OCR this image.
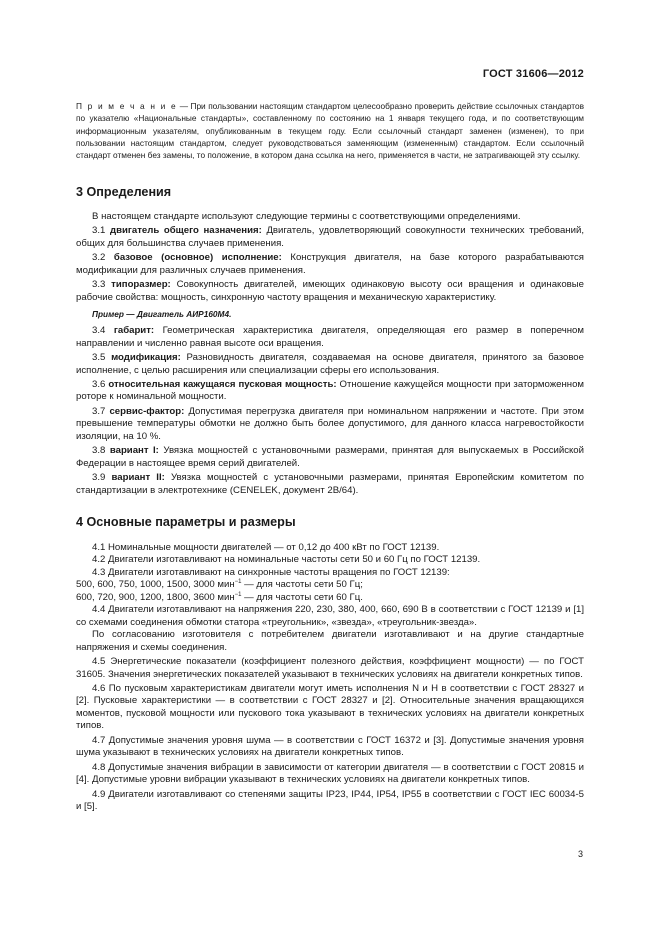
ГОСТ 31606—2012

П р и м е ч а н и е — При пользовании настоящим стандартом целесообразно проверить действие ссылочных стандартов по указателю «Национальные стандарты», составленному по состоянию на 1 января текущего года, и по соответствующим информационным указателям, опубликованным в текущем году. Если ссылочный стандарт заменен (изменен), то при пользовании настоящим стандартом, следует руководствоваться заменяющим (измененным) стандартом. Если ссылочный стандарт отменен без замены, то положение, в котором дана ссылка на него, применяется в части, не затрагивающей эту ссылку.

3 Определения

В настоящем стандарте используют следующие термины с соответствующими определениями.

3.1 двигатель общего назначения: Двигатель, удовлетворяющий совокупности технических требований, общих для большинства случаев применения.

3.2 базовое (основное) исполнение: Конструкция двигателя, на базе которого разрабатываются модификации для различных случаев применения.

3.3 типоразмер: Совокупность двигателей, имеющих одинаковую высоту оси вращения и одинаковые рабочие свойства: мощность, синхронную частоту вращения и механическую характеристику.

Пример — Двигатель АИР160М4.

3.4 габарит: Геометрическая характеристика двигателя, определяющая его размер в поперечном направлении и численно равная высоте оси вращения.

3.5 модификация: Разновидность двигателя, создаваемая на основе двигателя, принятого за базовое исполнение, с целью расширения или специализации сферы его использования.

3.6 относительная кажущаяся пусковая мощность: Отношение кажущейся мощности при заторможенном роторе к номинальной мощности.

3.7 сервис-фактор: Допустимая перегрузка двигателя при номинальном напряжении и частоте. При этом превышение температуры обмотки не должно быть более допустимого, для данного класса нагревостойкости изоляции, на 10 %.

3.8 вариант I: Увязка мощностей с установочными размерами, принятая для выпускаемых в Российской Федерации в настоящее время серий двигателей.

3.9 вариант II: Увязка мощностей с установочными размерами, принятая Европейским комитетом по стандартизации в электротехнике (CENELEK, документ 2B/64).

4 Основные параметры и размеры

4.1 Номинальные мощности двигателей — от 0,12 до 400 кВт по ГОСТ 12139.

4.2 Двигатели изготавливают на номинальные частоты сети 50 и 60 Гц по ГОСТ 12139.

4.3 Двигатели изготавливают на синхронные частоты вращения по ГОСТ 12139:

500, 600, 750, 1000, 1500, 3000 мин$^{-1}$ — для частоты сети 50 Гц;

600, 720, 900, 1200, 1800, 3600 мин$^{-1}$ — для частоты сети 60 Гц.

4.4 Двигатели изготавливают на напряжения 220, 230, 380, 400, 660, 690 В в соответствии с ГОСТ 12139 и [1] со схемами соединения обмотки статора «треугольник», «звезда», «треугольник-звезда».

По согласованию изготовителя с потребителем двигатели изготавливают и на другие стандартные напряжения и схемы соединения.

4.5 Энергетические показатели (коэффициент полезного действия, коэффициент мощности) — по ГОСТ 31605. Значения энергетических показателей указывают в технических условиях на двигатели конкретных типов.

4.6 По пусковым характеристикам двигатели могут иметь исполнения N и Н в соответствии с ГОСТ 28327 и [2]. Пусковые характеристики — в соответствии с ГОСТ 28327 и [2]. Относительные значения вращающихся моментов, пусковой мощности или пускового тока указывают в технических условиях на двигатели конкретных типов.

4.7 Допустимые значения уровня шума — в соответствии с ГОСТ 16372 и [3]. Допустимые значения уровня шума указывают в технических условиях на двигатели конкретных типов.

4.8 Допустимые значения вибрации в зависимости от категории двигателя — в соответствии с ГОСТ 20815 и [4]. Допустимые уровни вибрации указывают в технических условиях на двигатели конкретных типов.

4.9 Двигатели изготавливают со степенями защиты IP23, IP44, IP54, IP55 в соответствии с ГОСТ IEC 60034-5 и [5].

3
